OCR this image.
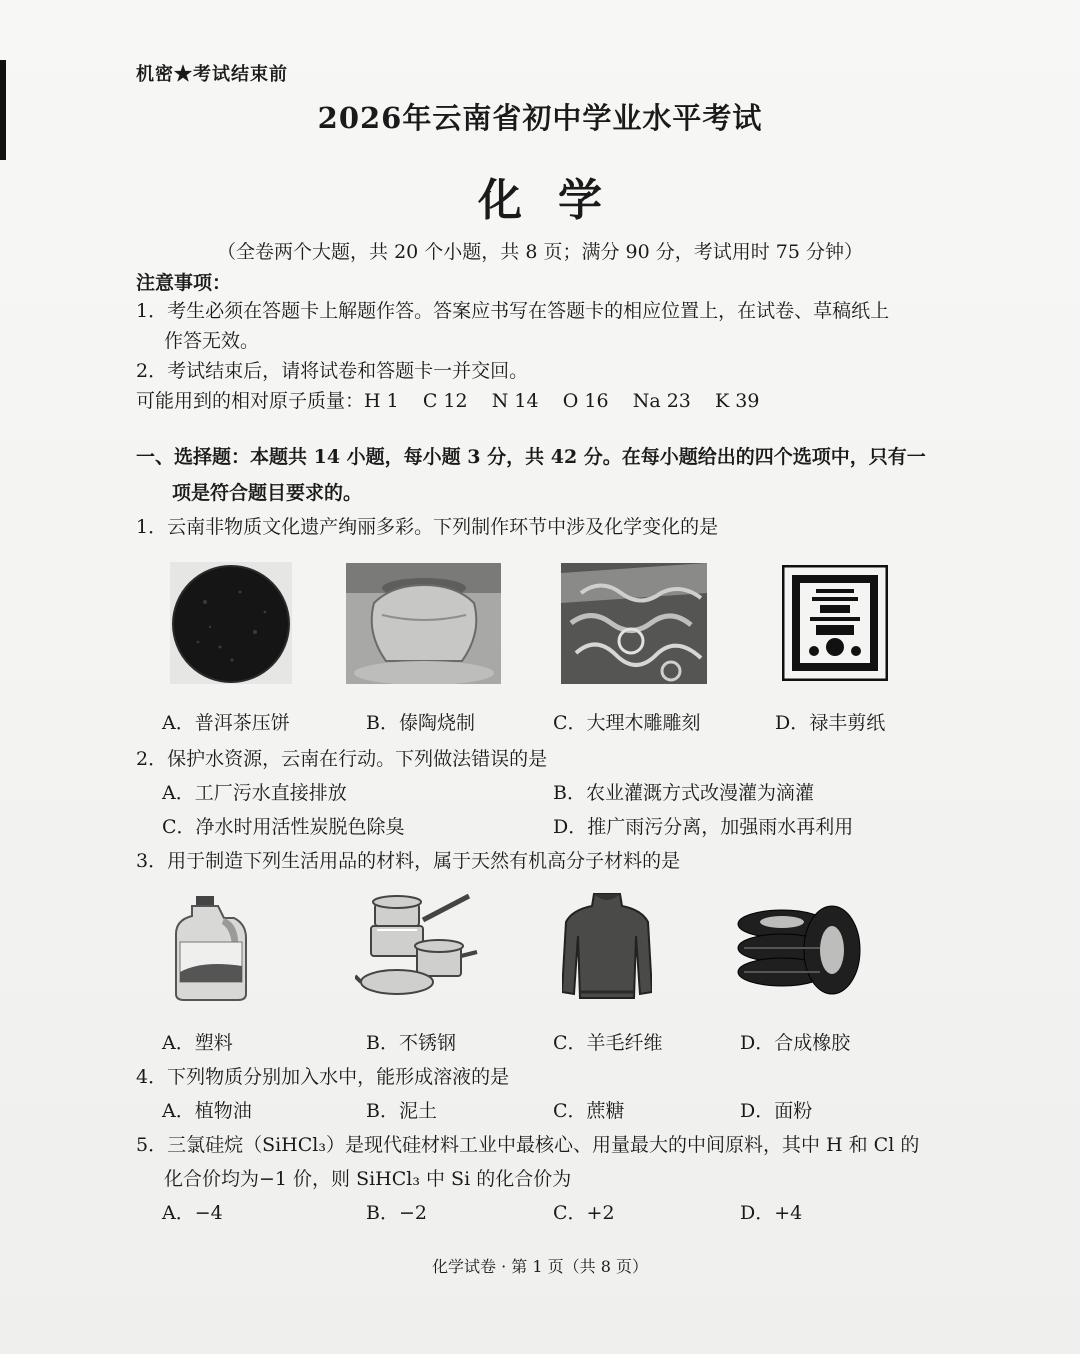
机密★考试结束前
2026年云南省初中学业水平考试
化学
（全卷两个大题，共 20 个小题，共 8 页；满分 90 分，考试用时 75 分钟）
注意事项：
1．考生必须在答题卡上解题作答。答案应书写在答题卡的相应位置上，在试卷、草稿纸上
作答无效。
2．考试结束后，请将试卷和答题卡一并交回。
可能用到的相对原子质量：H 1    C 12    N 14    O 16    Na 23    K 39
一、选择题：本题共 14 小题，每小题 3 分，共 42 分。在每小题给出的四个选项中，只有一
项是符合题目要求的。
1．云南非物质文化遗产绚丽多彩。下列制作环节中涉及化学变化的是
A．普洱茶压饼	B．傣陶烧制	C．大理木雕雕刻	D．禄丰剪纸
2．保护水资源，云南在行动。下列做法错误的是
A．工厂污水直接排放	B．农业灌溉方式改漫灌为滴灌
C．净水时用活性炭脱色除臭	D．推广雨污分离，加强雨水再利用
3．用于制造下列生活用品的材料，属于天然有机高分子材料的是
A．塑料	B．不锈钢	C．羊毛纤维	D．合成橡胶
4．下列物质分别加入水中，能形成溶液的是
A．植物油	B．泥土	C．蔗糖	D．面粉
5．三氯硅烷（SiHCl₃）是现代硅材料工业中最核心、用量最大的中间原料，其中 H 和 Cl 的
化合价均为−1 价，则 SiHCl₃ 中 Si 的化合价为
A．−4	B．−2	C．+2	D．+4
化学试卷 · 第 1 页（共 8 页）
